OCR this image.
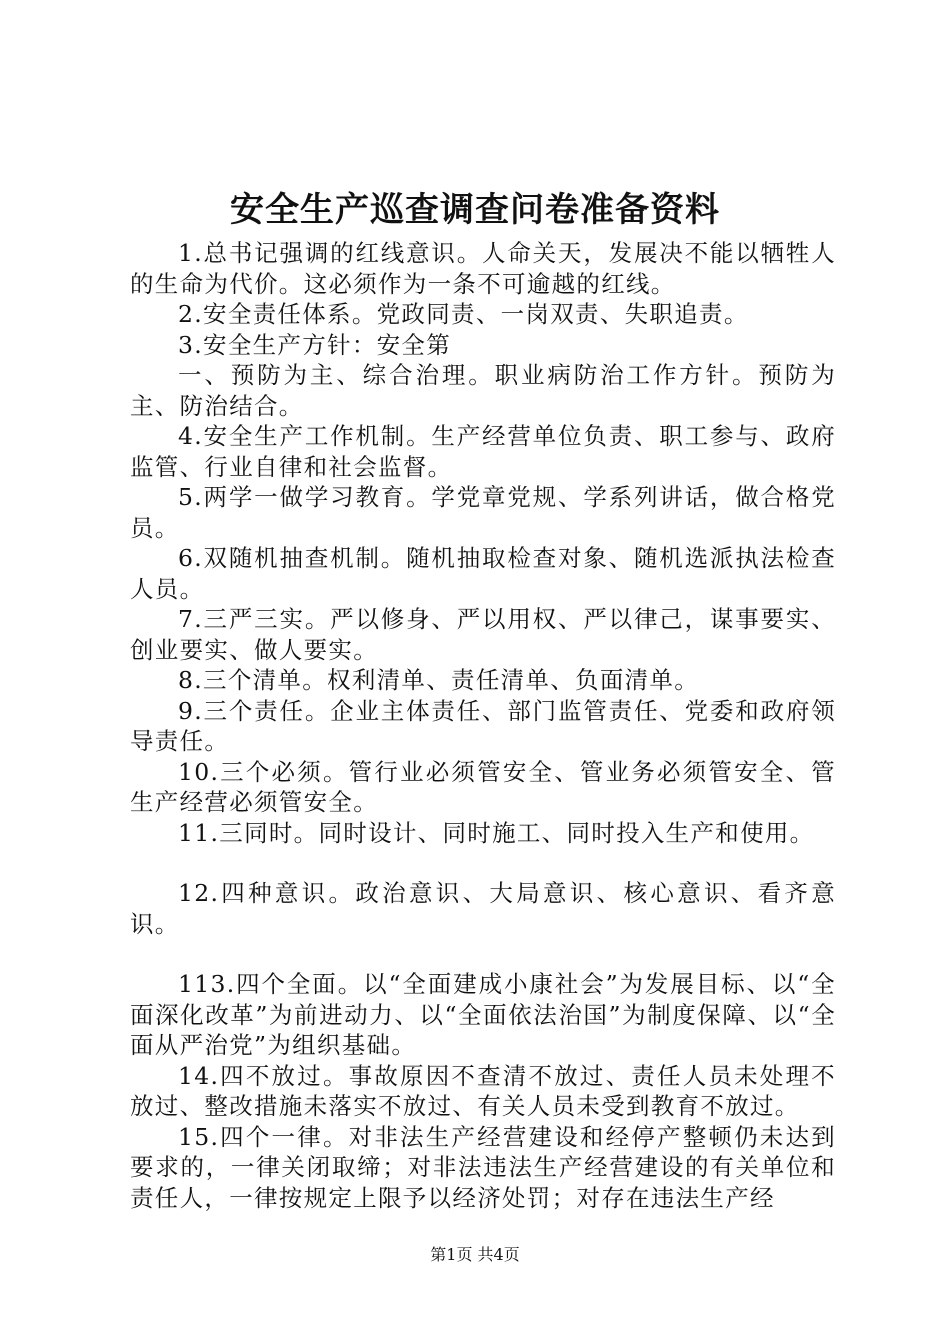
安全生产巡查调查问卷准备资料

1.总书记强调的红线意识。人命关天，发展决不能以牺牲人的生命为代价。这必须作为一条不可逾越的红线。

2.安全责任体系。党政同责、一岗双责、失职追责。

3.安全生产方针：安全第

一、预防为主、综合治理。职业病防治工作方针。预防为主、防治结合。

4.安全生产工作机制。生产经营单位负责、职工参与、政府监管、行业自律和社会监督。

5.两学一做学习教育。学党章党规、学系列讲话，做合格党员。

6.双随机抽查机制。随机抽取检查对象、随机选派执法检查人员。

7.三严三实。严以修身、严以用权、严以律己，谋事要实、创业要实、做人要实。

8.三个清单。权利清单、责任清单、负面清单。

9.三个责任。企业主体责任、部门监管责任、党委和政府领导责任。

10.三个必须。管行业必须管安全、管业务必须管安全、管生产经营必须管安全。

11.三同时。同时设计、同时施工、同时投入生产和使用。

12.四种意识。政治意识、大局意识、核心意识、看齐意识。

113.四个全面。以“全面建成小康社会”为发展目标、以“全面深化改革”为前进动力、以“全面依法治国”为制度保障、以“全面从严治党”为组织基础。

14.四不放过。事故原因不查清不放过、责任人员未处理不放过、整改措施未落实不放过、有关人员未受到教育不放过。

15.四个一律。对非法生产经营建设和经停产整顿仍未达到要求的，一律关闭取缔；对非法违法生产经营建设的有关单位和责任人，一律按规定上限予以经济处罚；对存在违法生产经

第1页 共4页
